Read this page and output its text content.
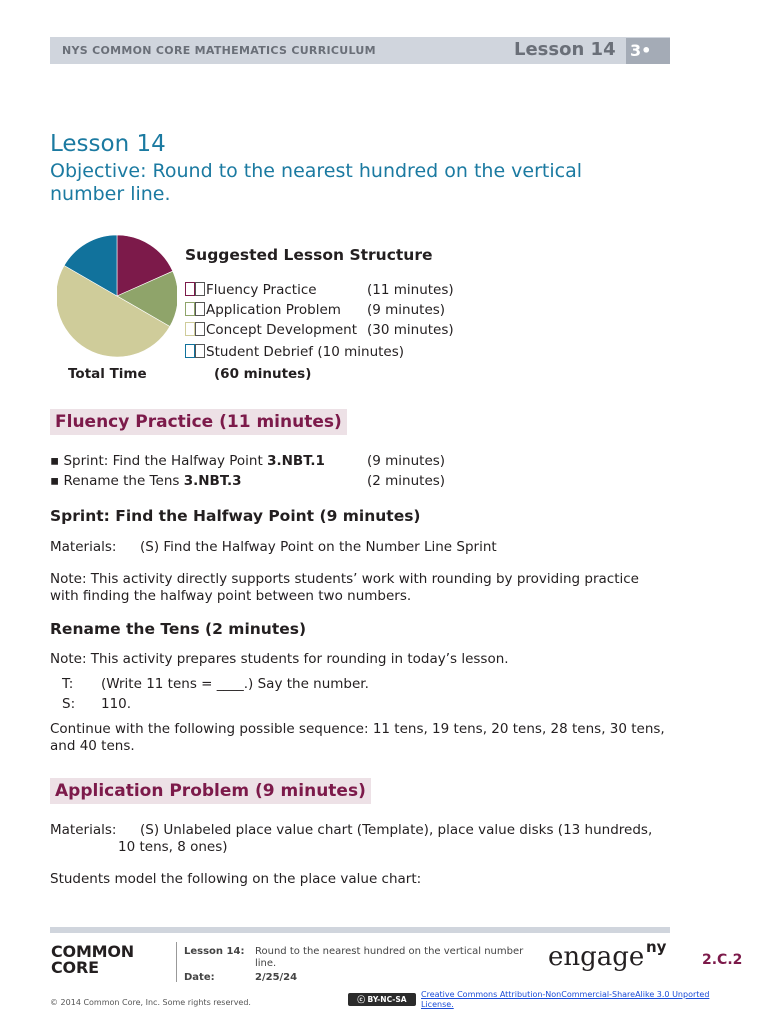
NYS COMMON CORE MATHEMATICS CURRICULUM	Lesson 14 3•
Lesson 14
Objective: Round to the nearest hundred on the vertical number line.
Suggested Lesson Structure
Fluency Practice	(11 minutes)
Application Problem (9 minutes)
Concept Development (30 minutes)
Student Debrief (10 minutes)
Total Time	(60 minutes)
Fluency Practice (11 minutes)
▪ Sprint: Find the Halfway Point 3.NBT.1	(9 minutes)
▪ Rename the Tens 3.NBT.3	(2 minutes)
Sprint: Find the Halfway Point (9 minutes)
Materials: (S) Find the Halfway Point on the Number Line Sprint
Note: This activity directly supports students’ work with rounding by providing practice with finding the halfway point between two numbers.
Rename the Tens (2 minutes)
Note: This activity prepares students for rounding in today’s lesson.
T: (Write 11 tens = ____.) Say the number.
S: 110.
Continue with the following possible sequence: 11 tens, 19 tens, 20 tens, 28 tens, 30 tens, and 40 tens.
Application Problem (9 minutes)
Materials: (S) Unlabeled place value chart (Template), place value disks (13 hundreds,
10 tens, 8 ones)
Students model the following on the place value chart:
COMMON
CORE
Lesson 14: Round to the nearest hundred on the vertical number line.
Date:	2/25/24
engage ny
2.C.2
© 2014 Common Core, Inc. Some rights reserved.	ⓒ BY-NC-SA
Creative Commons Attribution-NonCommercial-ShareAlike 3.0 Unported License.
